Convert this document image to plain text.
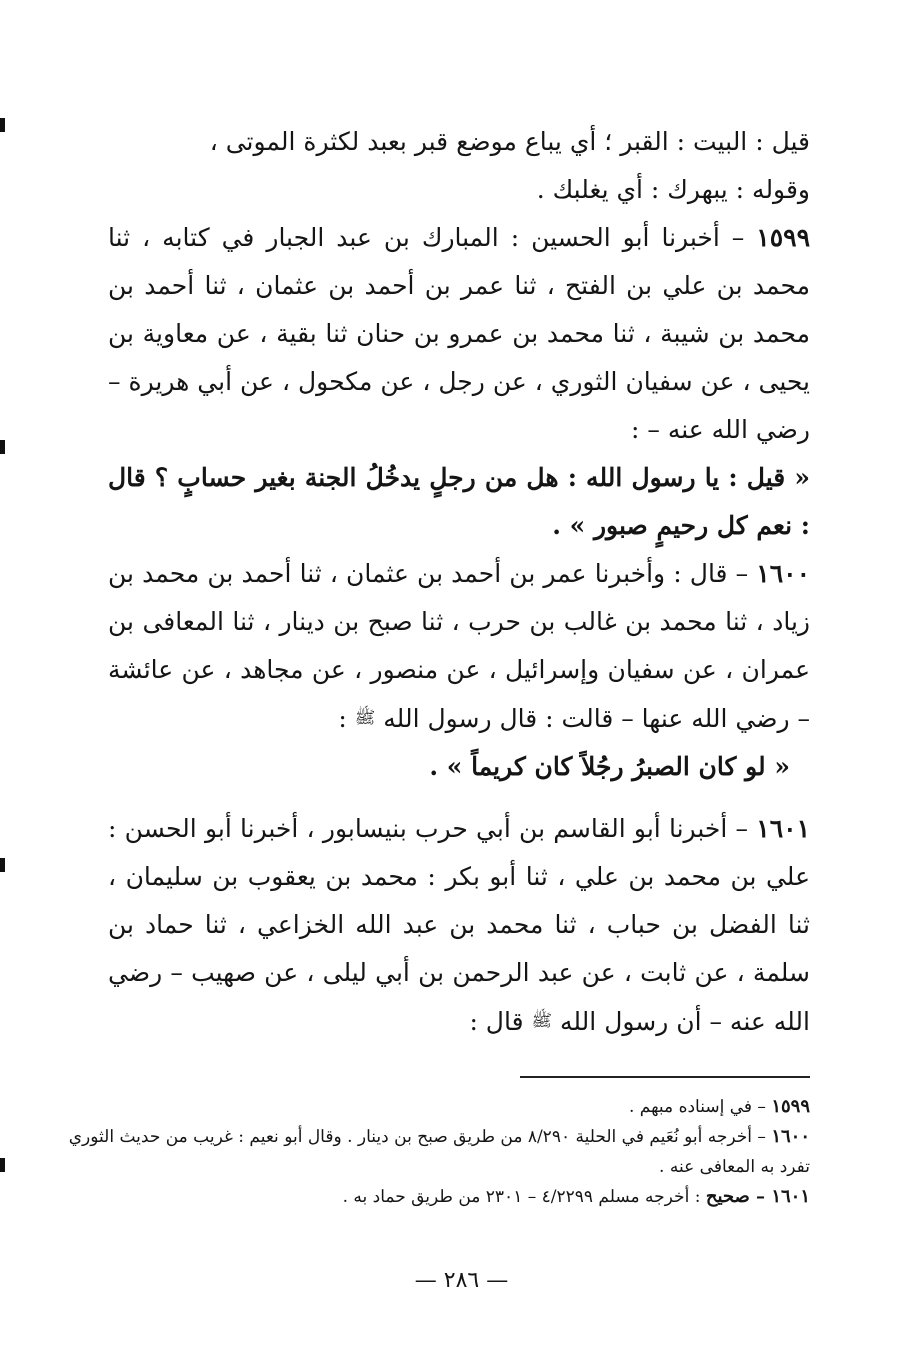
قيل : البيت : القبر ؛ أي يباع موضع قبر بعبد لكثرة الموتى ،
وقوله : يبهرك : أي يغلبك .

١٥٩٩ – أخبرنا أبو الحسين : المبارك بن عبد الجبار في كتابه ، ثنا محمد بن علي بن الفتح ، ثنا عمر بن أحمد بن عثمان ، ثنا أحمد بن محمد بن شيبة ، ثنا محمد بن عمرو بن حنان ثنا بقية ، عن معاوية بن يحيى ، عن سفيان الثوري ، عن رجل ، عن مكحول ، عن أبي هريرة – رضي الله عنه – :

« قيل : يا رسول الله : هل من رجلٍ يدخُلُ الجنة بغير حسابٍ ؟ قال : نعم كل رحيمٍ صبور » .

١٦٠٠ – قال : وأخبرنا عمر بن أحمد بن عثمان ، ثنا أحمد بن محمد بن زياد ، ثنا محمد بن غالب بن حرب ، ثنا صبح بن دينار ، ثنا المعافى بن عمران ، عن سفيان وإسرائيل ، عن منصور ، عن مجاهد ، عن عائشة – رضي الله عنها – قالت : قال رسول الله ﷺ :

« لو كان الصبرُ رجُلاً كان كريماً » .

١٦٠١ – أخبرنا أبو القاسم بن أبي حرب بنيسابور ، أخبرنا أبو الحسن : علي بن محمد بن علي ، ثنا أبو بكر : محمد بن يعقوب بن سليمان ، ثنا الفضل بن حباب ، ثنا محمد بن عبد الله الخزاعي ، ثنا حماد بن سلمة ، عن ثابت ، عن عبد الرحمن بن أبي ليلى ، عن صهيب – رضي الله عنه – أن رسول الله ﷺ قال :

١٥٩٩ – في إسناده مبهم .

١٦٠٠ – أخرجه أبو نُعَيم في الحلية ٨/٢٩٠ من طريق صبح بن دينار . وقال أبو نعيم : غريب من حديث الثوري تفرد به المعافى عنه .

١٦٠١ – صحيح : أخرجه مسلم ٤/٢٢٩٩ – ٢٣٠١ من طريق حماد به .

— ٢٨٦ —
